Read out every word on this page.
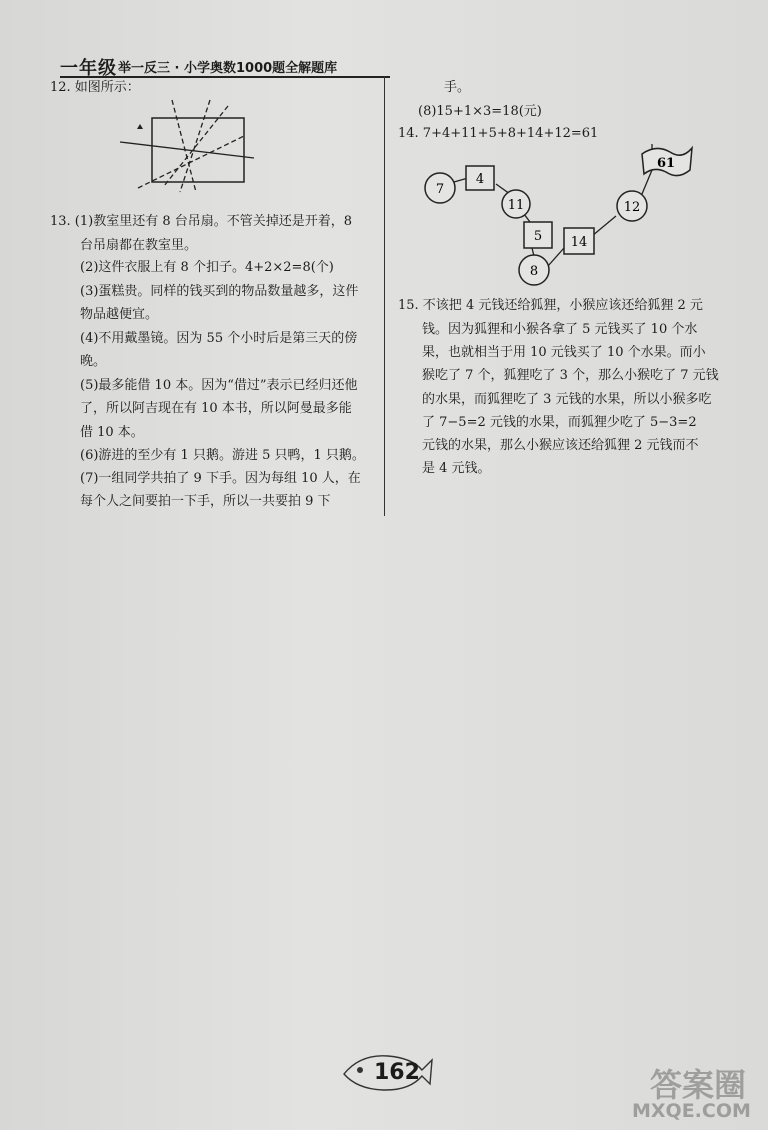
一年级 举一反三 · 小学奥数1000题全解题库
12. 如图所示：
13. (1)教室里还有 8 台吊扇。不管关掉还是开着，8
台吊扇都在教室里。
(2)这件衣服上有 8 个扣子。4+2×2=8(个)
(3)蛋糕贵。同样的钱买到的物品数量越多，这件
物品越便宜。
(4)不用戴墨镜。因为 55 个小时后是第三天的傍
晚。
(5)最多能借 10 本。因为“借过”表示已经归还他
了，所以阿吉现在有 10 本书，所以阿曼最多能
借 10 本。
(6)游进的至少有 1 只鹅。游进 5 只鸭，1 只鹅。
(7)一组同学共拍了 9 下手。因为每组 10 人，在
每个人之间要拍一下手，所以一共要拍 9 下
手。
(8)15+1×3=18(元)
14. 7+4+11+5+8+14+12=61
7
4
11
5
8
14
12
61
15. 不该把 4 元钱还给狐狸，小猴应该还给狐狸 2 元
钱。因为狐狸和小猴各拿了 5 元钱买了 10 个水
果，也就相当于用 10 元钱买了 10 个水果。而小
猴吃了 7 个，狐狸吃了 3 个，那么小猴吃了 7 元钱
的水果，而狐狸吃了 3 元钱的水果，所以小猴多吃
了 7−5=2 元钱的水果，而狐狸少吃了 5−3=2
元钱的水果，那么小猴应该还给狐狸 2 元钱而不
是 4 元钱。
162	答案圈
MXQE.COM
